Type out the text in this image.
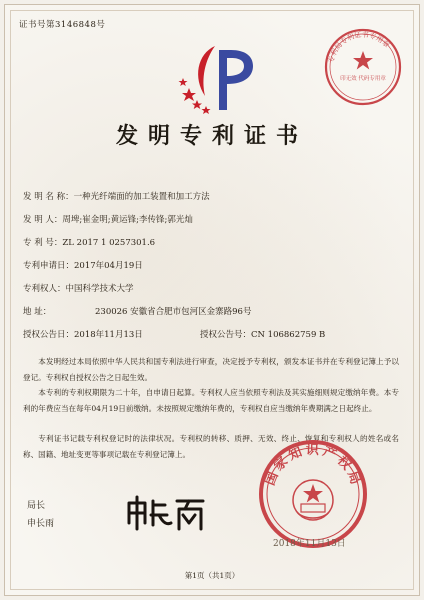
证书号第3146848号
专利局专利证书专用章
印无效 代码专用章
发明专利证书
发 明 名 称：一种光纤端面的加工装置和加工方法
发 明 人：周埤;崔金明;黄运锋;李传锋;郭光灿
专 利 号：ZL 2017 1 0257301.6
专利申请日：2017年04月19日
专利权人：中国科学技术大学
地 址：	230026 安徽省合肥市包河区金寨路96号
授权公告日：2018年11月13日	授权公告号：CN 106862759 B
本发明经过本局依照中华人民共和国专利法进行审查，决定授予专利权，颁发本证书并在专利登记簿上予以登记。专利权自授权公告之日起生效。
本专利的专利权期限为二十年，自申请日起算。专利权人应当依照专利法及其实施细则规定缴纳年费。本专利的年费应当在每年04月19日前缴纳。未按照规定缴纳年费的，专利权自应当缴纳年费期满之日起终止。
专利证书记载专利权登记时的法律状况。专利权的转移、质押、无效、终止、恢复和专利权人的姓名或名称、国籍、地址变更等事项记载在专利登记簿上。
局长
申长雨
国家知识产权局
2018年11月13日
第1页（共1页）
